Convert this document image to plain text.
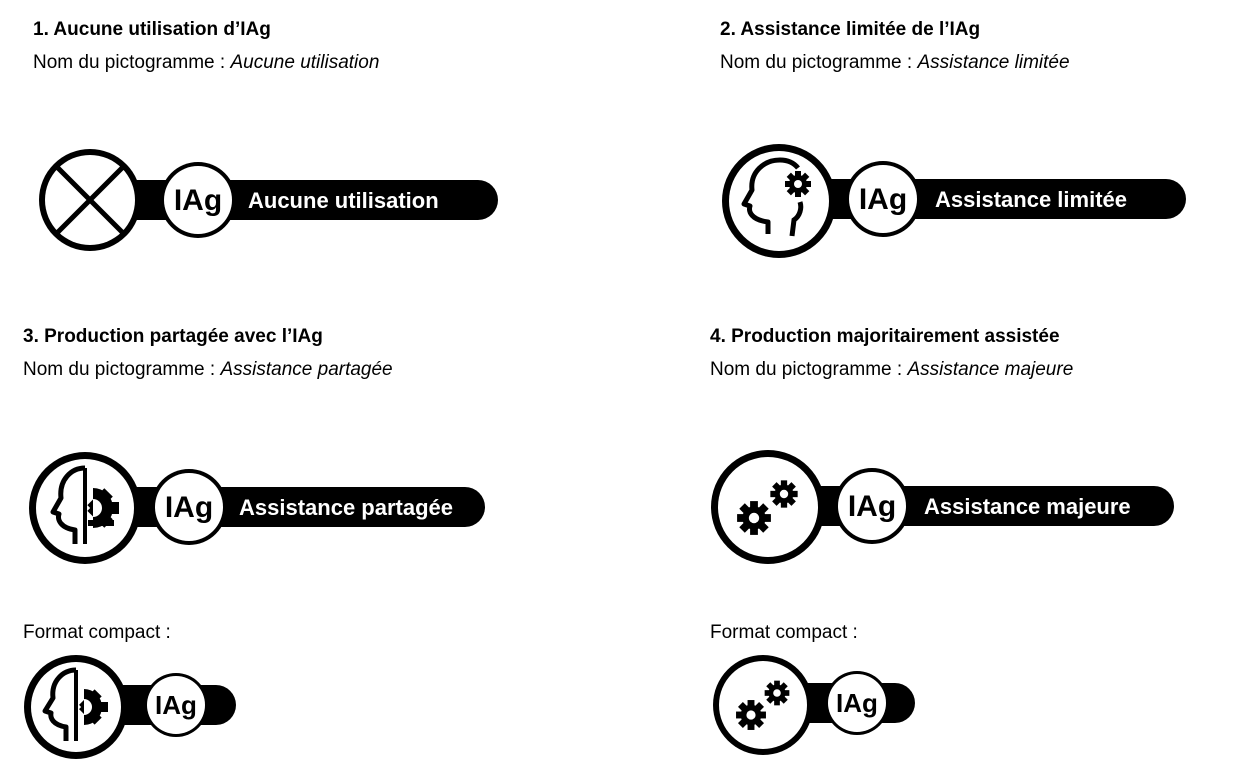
1. Aucune utilisation d’IAg
Nom du pictogramme : Aucune utilisation
IAg Aucune utilisation
2. Assistance limitée de l’IAg
Nom du pictogramme : Assistance limitée
IAg Assistance limitée
3. Production partagée avec l’IAg
Nom du pictogramme : Assistance partagée
IAg Assistance partagée
4. Production majoritairement assistée
Nom du pictogramme : Assistance majeure
IAg Assistance majeure
Format compact :
IAg
Format compact :
IAg
